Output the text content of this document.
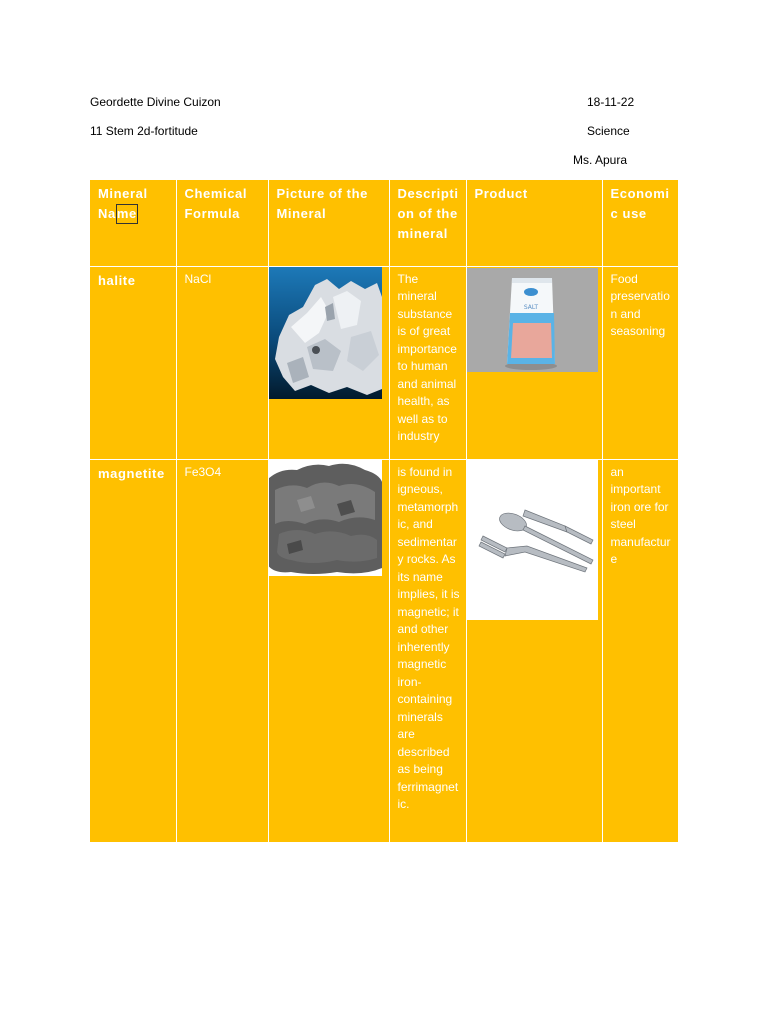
Geordette Divine Cuizon	18-11-22
11 Stem 2d-fortitude	Science
Ms. Apura
Mineral Name	Chemical Formula	Picture of the Mineral	Description of the mineral	Product	Economic use

halite	NaCl		The mineral substance is of great importance to human and animal health, as well as to industry	SALT	Food preservation and seasoning

magnetite	Fe3O4		is found in igneous, metamorphic, and sedimentary rocks. As its name implies, it is magnetic; it and other inherently magnetic iron-containing minerals are described as being ferrimagnetic.		an important iron ore for steel manufacture
